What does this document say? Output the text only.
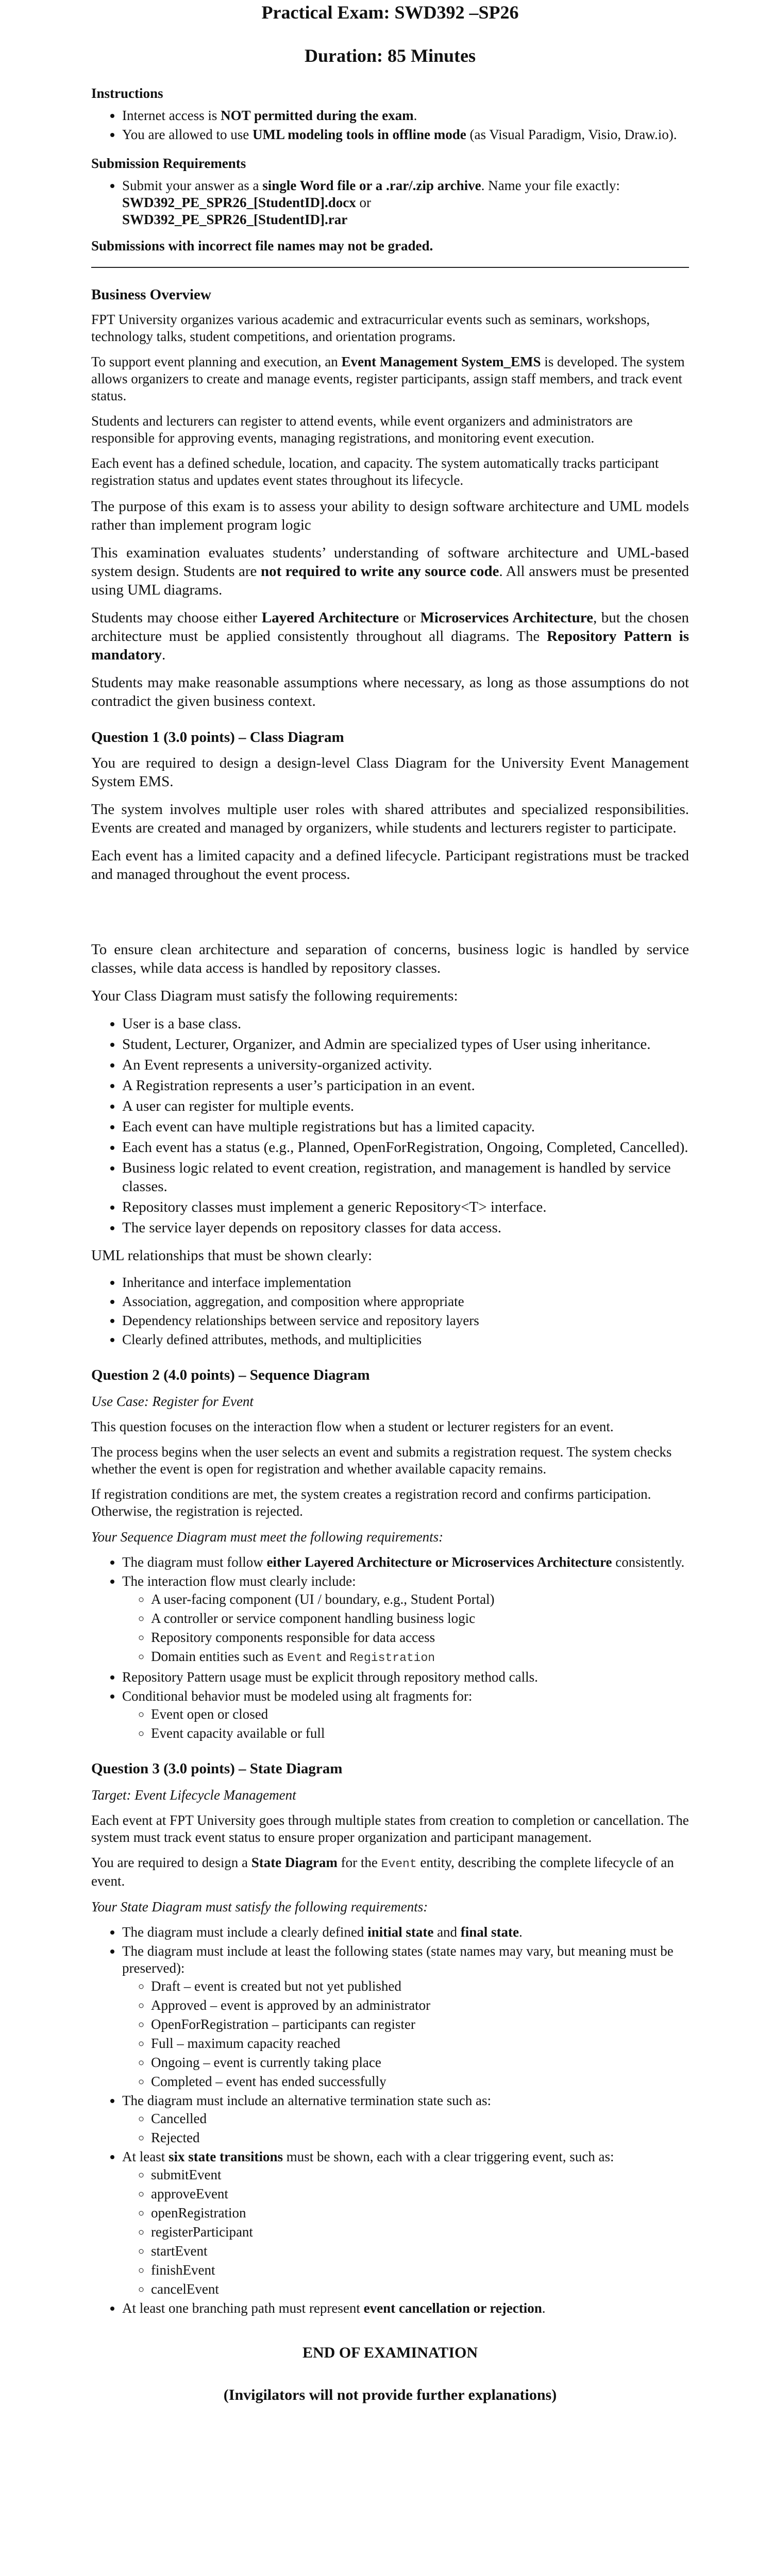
Practical Exam: SWD392 –SP26
Duration: 85 Minutes
Instructions
• Internet access is NOT permitted during the exam.
• You are allowed to use UML modeling tools in offline mode (as Visual Paradigm, Visio, Draw.io).
Submission Requirements
• Submit your answer as a single Word file or a .rar/.zip archive. Name your file exactly:
SWD392_PE_SPR26_[StudentID].docx or
SWD392_PE_SPR26_[StudentID].rar

Submissions with incorrect file names may not be graded.

Business Overview

FPT University organizes various academic and extracurricular events such as seminars, workshops, technology talks, student competitions, and orientation programs.

To support event planning and execution, an Event Management System_EMS is developed. The system allows organizers to create and manage events, register participants, assign staff members, and track event status.

Students and lecturers can register to attend events, while event organizers and administrators are responsible for approving events, managing registrations, and monitoring event execution.

Each event has a defined schedule, location, and capacity. The system automatically tracks participant registration status and updates event states throughout its lifecycle.

The purpose of this exam is to assess your ability to design software architecture and UML models rather than implement program logic

This examination evaluates students’ understanding of software architecture and UML-based system design. Students are not required to write any source code. All answers must be presented using UML diagrams.

Students may choose either Layered Architecture or Microservices Architecture, but the chosen architecture must be applied consistently throughout all diagrams. The Repository Pattern is mandatory.

Students may make reasonable assumptions where necessary, as long as those assumptions do not contradict the given business context.

Question 1 (3.0 points) – Class Diagram

You are required to design a design-level Class Diagram for the University Event Management System EMS.

The system involves multiple user roles with shared attributes and specialized responsibilities. Events are created and managed by organizers, while students and lecturers register to participate.

Each event has a limited capacity and a defined lifecycle. Participant registrations must be tracked and managed throughout the event process.

To ensure clean architecture and separation of concerns, business logic is handled by service classes, while data access is handled by repository classes.

Your Class Diagram must satisfy the following requirements:

• User is a base class.
• Student, Lecturer, Organizer, and Admin are specialized types of User using inheritance.
• An Event represents a university-organized activity.
• A Registration represents a user’s participation in an event.
• A user can register for multiple events.
• Each event can have multiple registrations but has a limited capacity.
• Each event has a status (e.g., Planned, OpenForRegistration, Ongoing, Completed, Cancelled).
• Business logic related to event creation, registration, and management is handled by service classes.
• Repository classes must implement a generic Repository<T> interface.
• The service layer depends on repository classes for data access.

UML relationships that must be shown clearly:

• Inheritance and interface implementation
• Association, aggregation, and composition where appropriate
• Dependency relationships between service and repository layers
• Clearly defined attributes, methods, and multiplicities
Question 2 (4.0 points) – Sequence Diagram
Use Case: Register for Event

This question focuses on the interaction flow when a student or lecturer registers for an event.

The process begins when the user selects an event and submits a registration request. The system checks whether the event is open for registration and whether available capacity remains.

If registration conditions are met, the system creates a registration record and confirms participation. Otherwise, the registration is rejected.

Your Sequence Diagram must meet the following requirements:
• The diagram must follow either Layered Architecture or Microservices Architecture consistently.
• The interaction flow must clearly include:
◦ A user-facing component (UI / boundary, e.g., Student Portal)
◦ A controller or service component handling business logic
◦ Repository components responsible for data access
◦ Domain entities such as Event and Registration
• Repository Pattern usage must be explicit through repository method calls.
• Conditional behavior must be modeled using alt fragments for:
◦ Event open or closed
◦ Event capacity available or full
Question 3 (3.0 points) – State Diagram
Target: Event Lifecycle Management

Each event at FPT University goes through multiple states from creation to completion or cancellation. The system must track event status to ensure proper organization and participant management.

You are required to design a State Diagram for the Event entity, describing the complete lifecycle of an event.

Your State Diagram must satisfy the following requirements:
• The diagram must include a clearly defined initial state and final state.
• The diagram must include at least the following states (state names may vary, but meaning must be preserved):
◦ Draft – event is created but not yet published
◦ Approved – event is approved by an administrator
◦ OpenForRegistration – participants can register
◦ Full – maximum capacity reached
◦ Ongoing – event is currently taking place
◦ Completed – event has ended successfully
• The diagram must include an alternative termination state such as:
◦ Cancelled
◦ Rejected
• At least six state transitions must be shown, each with a clear triggering event, such as:
◦ submitEvent
◦ approveEvent
◦ openRegistration
◦ registerParticipant
◦ startEvent
◦ finishEvent
◦ cancelEvent
• At least one branching path must represent event cancellation or rejection.
END OF EXAMINATION
(Invigilators will not provide further explanations)
